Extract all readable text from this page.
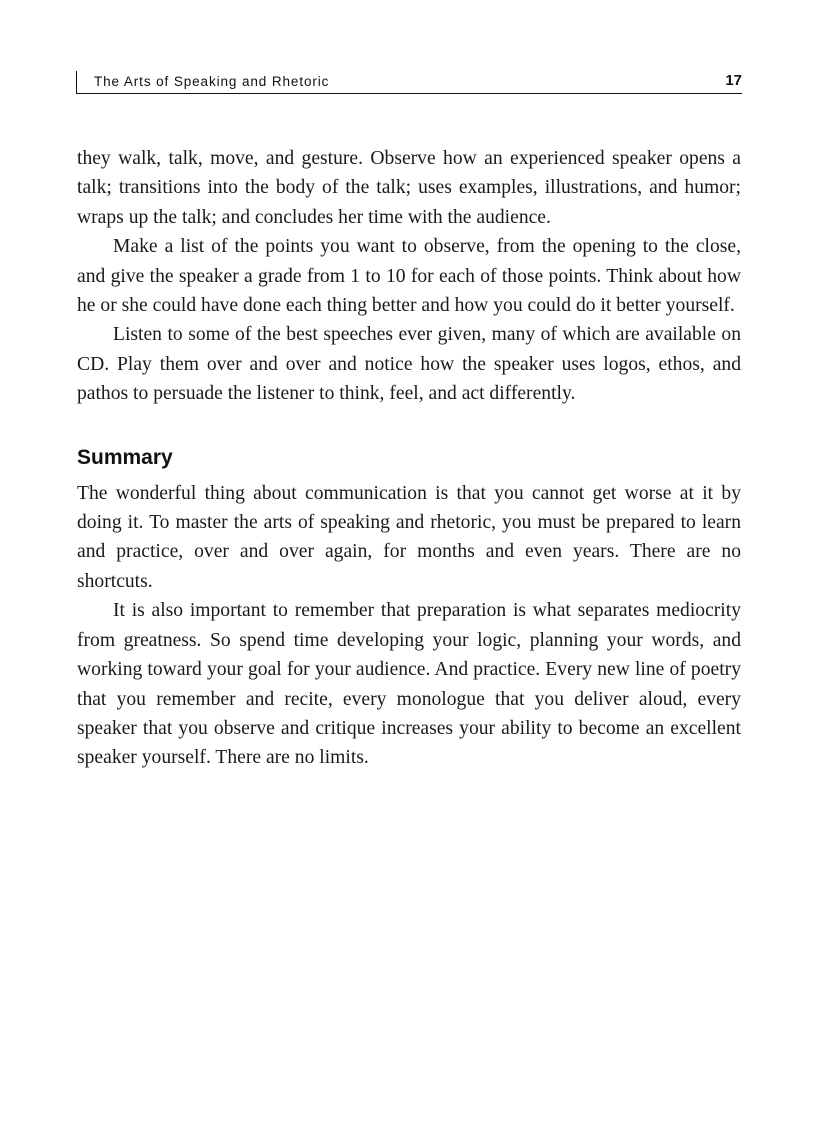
The Arts of Speaking and Rhetoric	17

they walk, talk, move, and gesture. Observe how an experienced speaker opens a talk; transitions into the body of the talk; uses examples, illustrations, and humor; wraps up the talk; and concludes her time with the audience.

Make a list of the points you want to observe, from the opening to the close, and give the speaker a grade from 1 to 10 for each of those points. Think about how he or she could have done each thing better and how you could do it better yourself.

Listen to some of the best speeches ever given, many of which are available on CD. Play them over and over and notice how the speaker uses logos, ethos, and pathos to persuade the listener to think, feel, and act differently.

Summary

The wonderful thing about communication is that you cannot get worse at it by doing it. To master the arts of speaking and rhetoric, you must be prepared to learn and practice, over and over again, for months and even years. There are no shortcuts.

It is also important to remember that preparation is what separates mediocrity from greatness. So spend time developing your logic, planning your words, and working toward your goal for your audience. And practice. Every new line of poetry that you remember and recite, every monologue that you deliver aloud, every speaker that you observe and critique increases your ability to become an excellent speaker yourself. There are no limits.
